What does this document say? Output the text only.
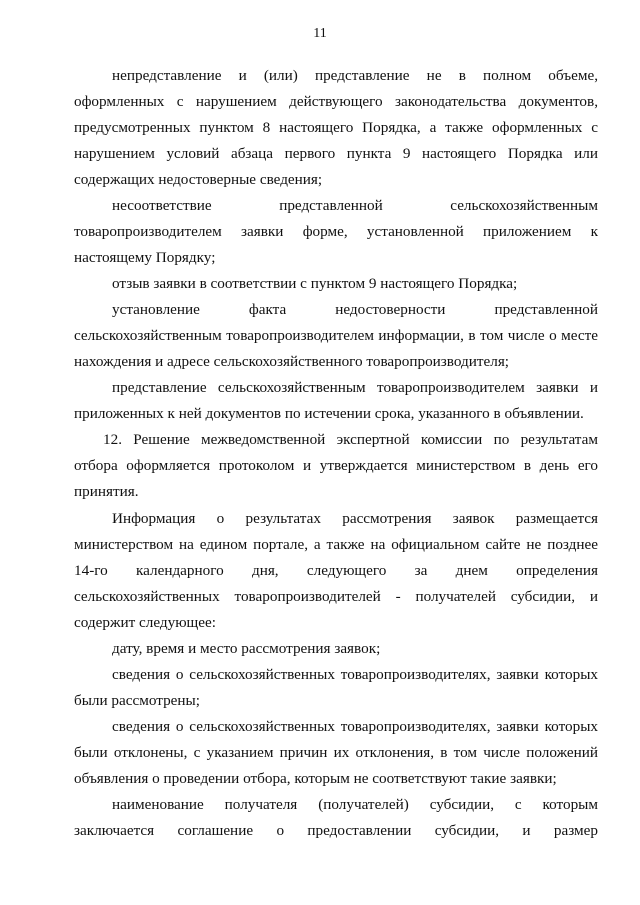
11
непредставление и (или) представление не в полном объеме,
оформленных с нарушением действующего законодательства документов,
предусмотренных пунктом 8 настоящего Порядка, а также оформленных с
нарушением условий абзаца первого пункта 9 настоящего Порядка или
содержащих недостоверные сведения;
несоответствие представленной сельскохозяйственным
товаропроизводителем заявки форме, установленной приложением к
настоящему Порядку;
отзыв заявки в соответствии с пунктом 9 настоящего Порядка;
установление факта недостоверности представленной
сельскохозяйственным товаропроизводителем информации, в том числе о месте
нахождения и адресе сельскохозяйственного товаропроизводителя;
представление сельскохозяйственным товаропроизводителем заявки и
приложенных к ней документов по истечении срока, указанного в объявлении.
12. Решение межведомственной экспертной комиссии по результатам
отбора оформляется протоколом и утверждается министерством в день его
принятия.
Информация о результатах рассмотрения заявок размещается
министерством на едином портале, а также на официальном сайте не позднее
14-го календарного дня, следующего за днем определения
сельскохозяйственных товаропроизводителей - получателей субсидии, и
содержит следующее:
дату, время и место рассмотрения заявок;
сведения о сельскохозяйственных товаропроизводителях, заявки которых
были рассмотрены;
сведения о сельскохозяйственных товаропроизводителях, заявки которых
были отклонены, с указанием причин их отклонения, в том числе положений
объявления о проведении отбора, которым не соответствуют такие заявки;
наименование получателя (получателей) субсидии, с которым
заключается соглашение о предоставлении субсидии, и размер
